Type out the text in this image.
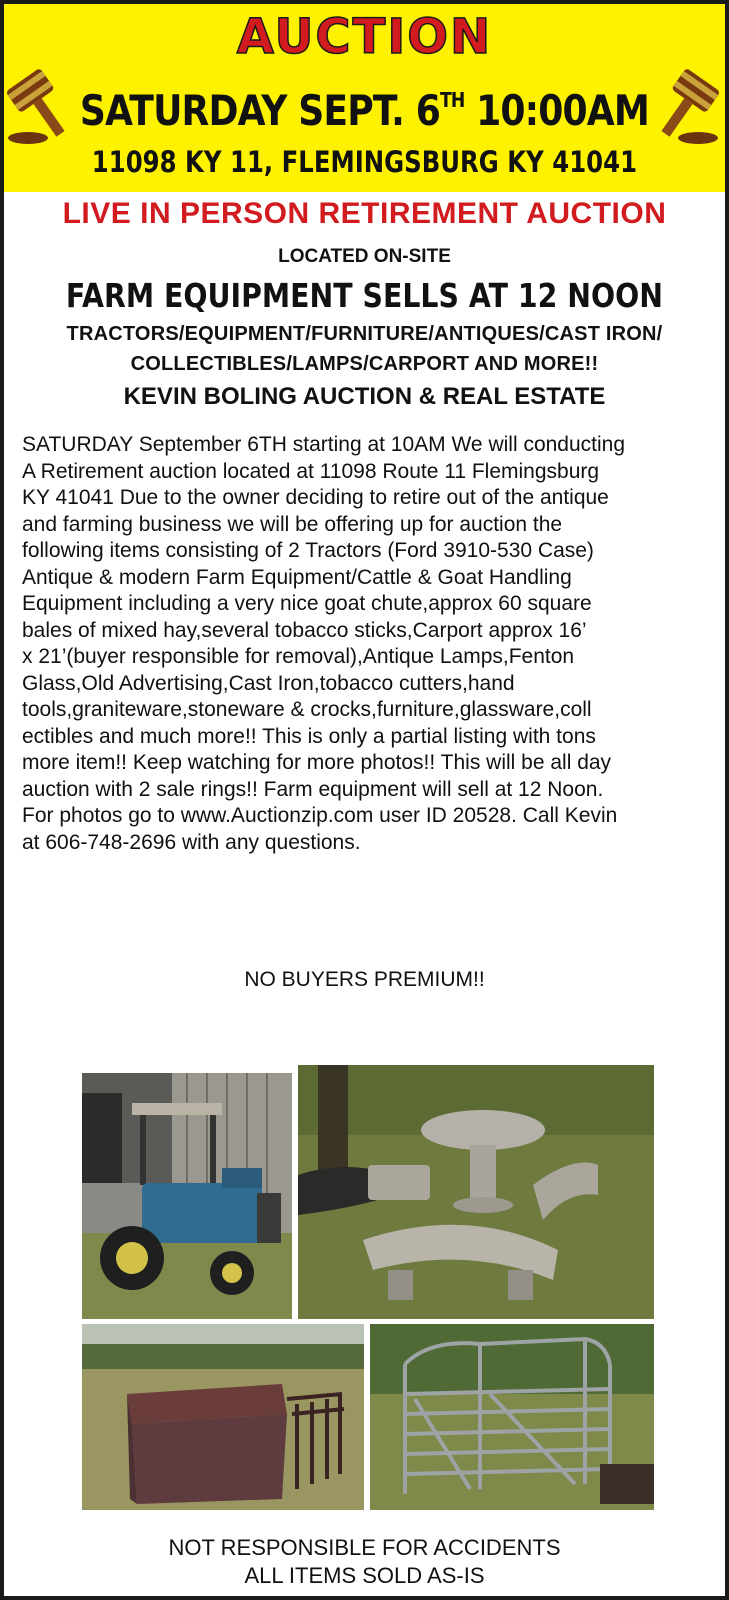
AUCTION
SATURDAY SEPT. 6TH 10:00AM
11098 KY 11, FLEMINGSBURG KY 41041
LIVE IN PERSON RETIREMENT AUCTION
LOCATED ON-SITE
FARM EQUIPMENT SELLS AT 12 NOON
TRACTORS/EQUIPMENT/FURNITURE/ANTIQUES/CAST IRON/
COLLECTIBLES/LAMPS/CARPORT AND MORE!!
KEVIN BOLING AUCTION & REAL ESTATE
SATURDAY September 6TH starting at 10AM We will conducting
A Retirement auction located at 11098 Route 11 Flemingsburg
KY 41041 Due to the owner deciding to retire out of the antique
and farming business we will be offering up for auction the
following items consisting of 2 Tractors (Ford 3910-530 Case)
Antique & modern Farm Equipment/Cattle & Goat Handling
Equipment including a very nice goat chute,approx 60 square
bales of mixed hay,several tobacco sticks,Carport approx 16’
x 21’(buyer responsible for removal),Antique Lamps,Fenton
Glass,Old Advertising,Cast Iron,tobacco cutters,hand
tools,graniteware,stoneware & crocks,furniture,glassware,coll
ectibles and much more!! This is only a partial listing with tons
more item!! Keep watching for more photos!! This will be all day
auction with 2 sale rings!! Farm equipment will sell at 12 Noon.
For photos go to www.Auctionzip.com user ID 20528. Call Kevin
at 606-748-2696 with any questions.
NO BUYERS PREMIUM!!
NOT RESPONSIBLE FOR ACCIDENTS
ALL ITEMS SOLD AS-IS
